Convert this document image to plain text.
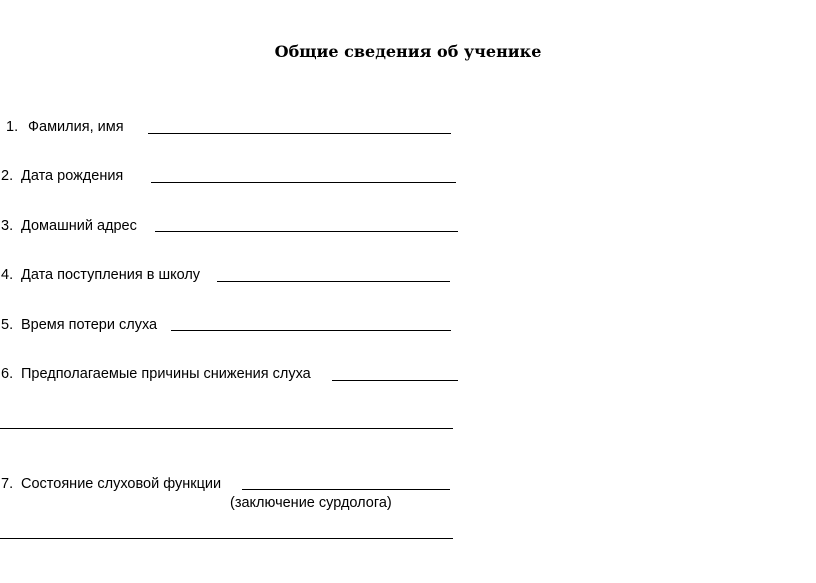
Общие сведения об ученике
1. Фамилия, имя
2. Дата рождения
3. Домашний адрес
4. Дата поступления в школу
5. Время потери слуха
6. Предполагаемые причины снижения слуха
7. Состояние слуховой функции
(заключение сурдолога)
